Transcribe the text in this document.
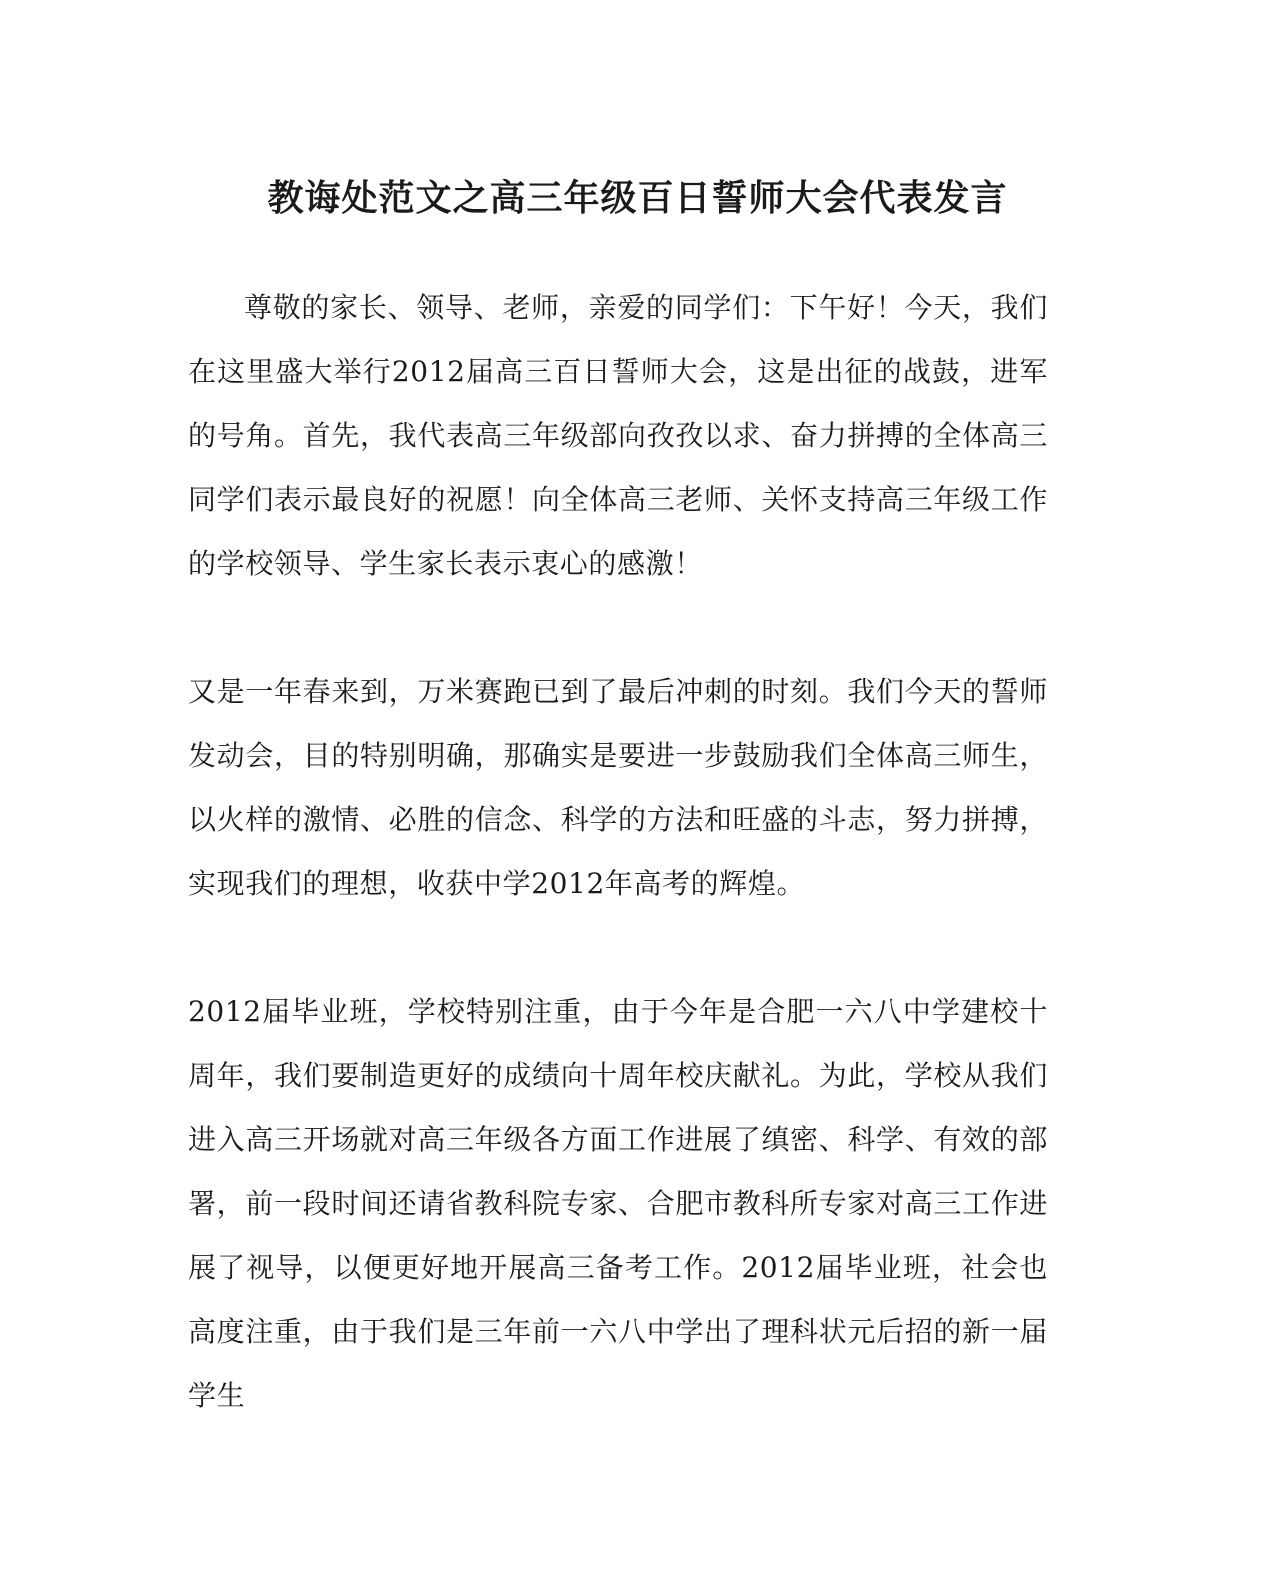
教诲处范文之高三年级百日誓师大会代表发言

尊敬的家长、领导、老师，亲爱的同学们：下午好！今天，我们在这里盛大举行2012届高三百日誓师大会，这是出征的战鼓，进军的号角。首先，我代表高三年级部向孜孜以求、奋力拼搏的全体高三同学们表示最良好的祝愿！向全体高三老师、关怀支持高三年级工作的学校领导、学生家长表示衷心的感激！

又是一年春来到，万米赛跑已到了最后冲刺的时刻。我们今天的誓师发动会，目的特别明确，那确实是要进一步鼓励我们全体高三师生，以火样的激情、必胜的信念、科学的方法和旺盛的斗志，努力拼搏，实现我们的理想，收获中学2012年高考的辉煌。

2012届毕业班，学校特别注重，由于今年是合肥一六八中学建校十周年，我们要制造更好的成绩向十周年校庆献礼。为此，学校从我们进入高三开场就对高三年级各方面工作进展了缜密、科学、有效的部署，前一段时间还请省教科院专家、合肥市教科所专家对高三工作进展了视导，以便更好地开展高三备考工作。2012届毕业班，社会也高度注重，由于我们是三年前一六八中学出了理科状元后招的新一届学生
